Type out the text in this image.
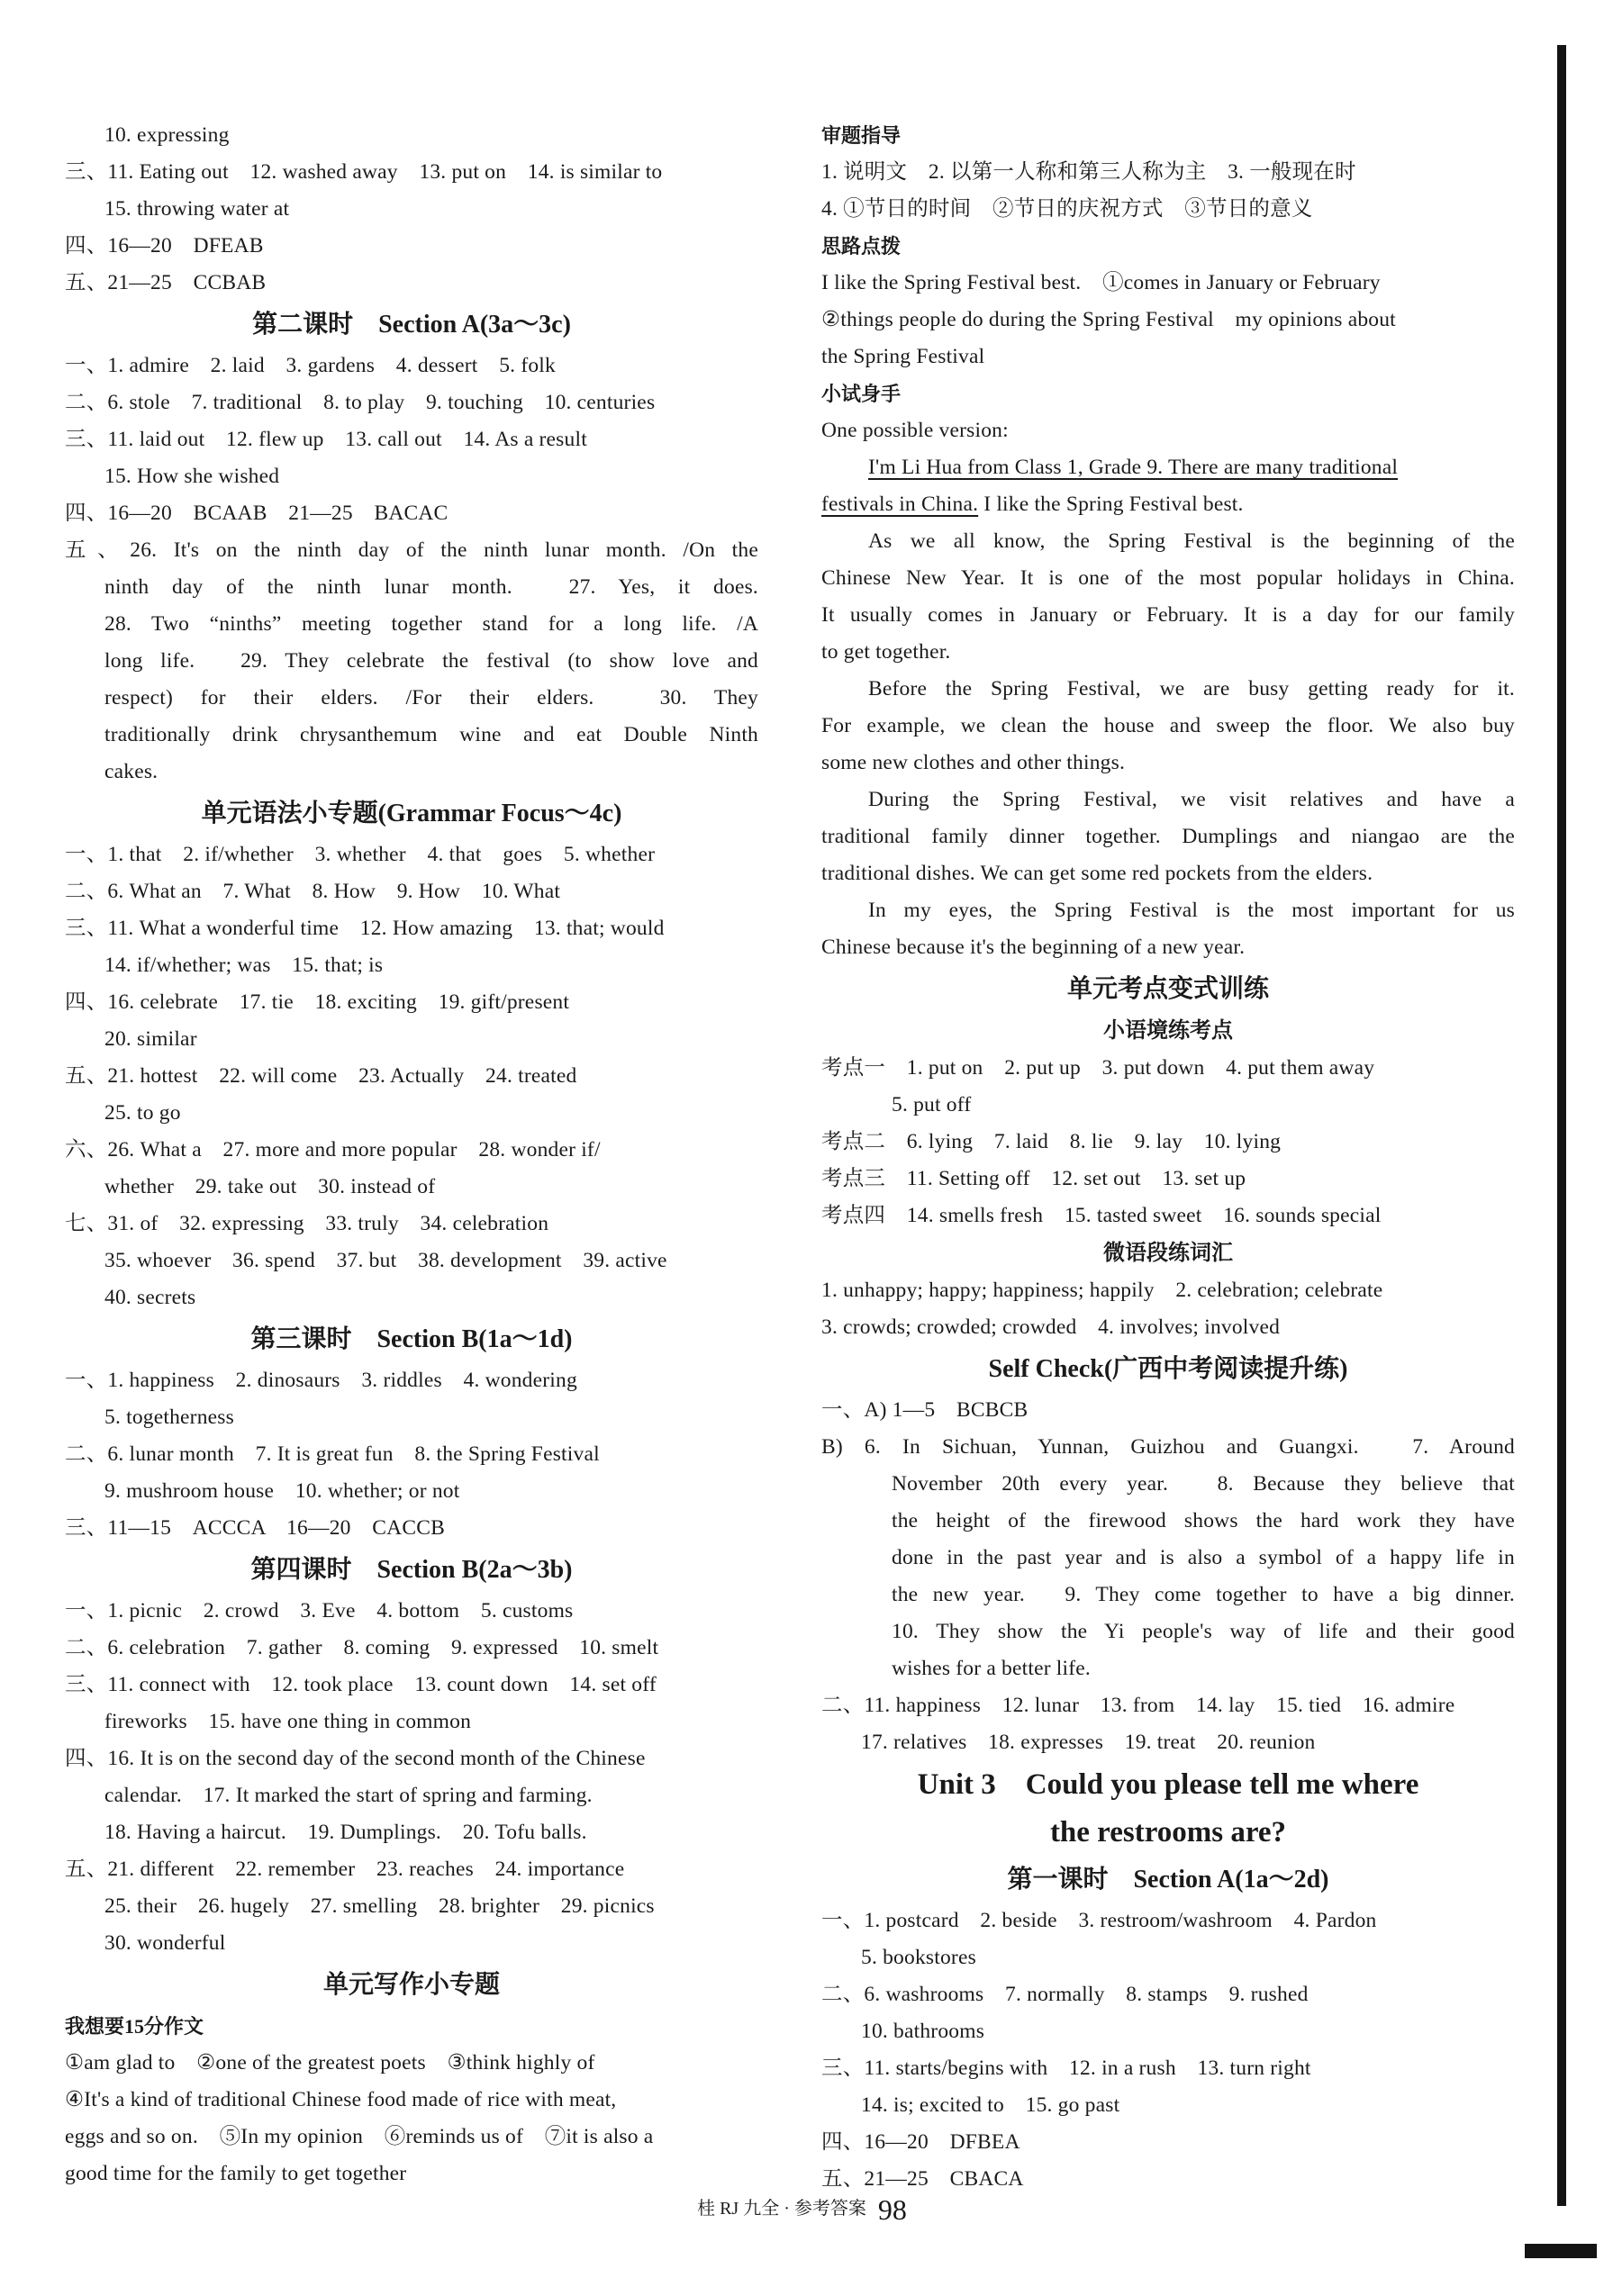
10. expressing
三、11. Eating out　12. washed away　13. put on　14. is similar to
15. throwing water at
四、16—20　DFEAB
五、21—25　CCBAB
第二课时　Section A(3a～3c)
一、1. admire　2. laid　3. gardens　4. dessert　5. folk
二、6. stole　7. traditional　8. to play　9. touching　10. centuries
三、11. laid out　12. flew up　13. call out　14. As a result
15. How she wished
四、16—20　BCAAB　21—25　BACAC
五、26. It's on the ninth day of the ninth lunar month. /On the
ninth day of the ninth lunar month.　27. Yes, it does.
28. Two “ninths” meeting together stand for a long life. /A
long life.　29. They celebrate the festival (to show love and
respect) for their elders. /For their elders.　30. They
traditionally drink chrysanthemum wine and eat Double Ninth
cakes.
单元语法小专题(Grammar Focus～4c)
一、1. that　2. if/whether　3. whether　4. that　goes　5. whether
二、6. What an　7. What　8. How　9. How　10. What
三、11. What a wonderful time　12. How amazing　13. that; would
14. if/whether; was　15. that; is
四、16. celebrate　17. tie　18. exciting　19. gift/present
20. similar
五、21. hottest　22. will come　23. Actually　24. treated
25. to go
六、26. What a　27. more and more popular　28. wonder if/
whether　29. take out　30. instead of
七、31. of　32. expressing　33. truly　34. celebration
35. whoever　36. spend　37. but　38. development　39. active
40. secrets
第三课时　Section B(1a～1d)
一、1. happiness　2. dinosaurs　3. riddles　4. wondering
5. togetherness
二、6. lunar month　7. It is great fun　8. the Spring Festival
9. mushroom house　10. whether; or not
三、11—15　ACCCA　16—20　CACCB
第四课时　Section B(2a～3b)
一、1. picnic　2. crowd　3. Eve　4. bottom　5. customs
二、6. celebration　7. gather　8. coming　9. expressed　10. smelt
三、11. connect with　12. took place　13. count down　14. set off
fireworks　15. have one thing in common
四、16. It is on the second day of the second month of the Chinese
calendar.　17. It marked the start of spring and farming.
18. Having a haircut.　19. Dumplings.　20. Tofu balls.
五、21. different　22. remember　23. reaches　24. importance
25. their　26. hugely　27. smelling　28. brighter　29. picnics
30. wonderful
单元写作小专题
我想要15分作文
①am glad to　②one of the greatest poets　③think highly of
④It's a kind of traditional Chinese food made of rice with meat,
eggs and so on.　⑤In my opinion　⑥reminds us of　⑦it is also a
good time for the family to get together
审题指导
1. 说明文　2. 以第一人称和第三人称为主　3. 一般现在时
4. ①节日的时间　②节日的庆祝方式　③节日的意义
思路点拨
I like the Spring Festival best.　①comes in January or February
②things people do during the Spring Festival　my opinions about
the Spring Festival
小试身手
One possible version:
I'm Li Hua from Class 1, Grade 9. There are many traditional
festivals in China. I like the Spring Festival best.
As we all know, the Spring Festival is the beginning of the
Chinese New Year. It is one of the most popular holidays in China.
It usually comes in January or February. It is a day for our family
to get together.
Before the Spring Festival, we are busy getting ready for it.
For example, we clean the house and sweep the floor. We also buy
some new clothes and other things.
During the Spring Festival, we visit relatives and have a
traditional family dinner together. Dumplings and niangao are the
traditional dishes. We can get some red pockets from the elders.
In my eyes, the Spring Festival is the most important for us
Chinese because it's the beginning of a new year.
单元考点变式训练
小语境练考点
考点一　1. put on　2. put up　3. put down　4. put them away
5. put off
考点二　6. lying　7. laid　8. lie　9. lay　10. lying
考点三　11. Setting off　12. set out　13. set up
考点四　14. smells fresh　15. tasted sweet　16. sounds special
微语段练词汇
1. unhappy; happy; happiness; happily　2. celebration; celebrate
3. crowds; crowded; crowded　4. involves; involved
Self Check(广西中考阅读提升练)
一、A) 1—5　BCBCB
B) 6. In Sichuan, Yunnan, Guizhou and Guangxi.　7. Around
November 20th every year.　8. Because they believe that
the height of the firewood shows the hard work they have
done in the past year and is also a symbol of a happy life in
the new year.　9. They come together to have a big dinner.
10. They show the Yi people's way of life and their good
wishes for a better life.
二、11. happiness　12. lunar　13. from　14. lay　15. tied　16. admire
17. relatives　18. expresses　19. treat　20. reunion
Unit 3　Could you please tell me where
the restrooms are?
第一课时　Section A(1a～2d)
一、1. postcard　2. beside　3. restroom/washroom　4. Pardon
5. bookstores
二、6. washrooms　7. normally　8. stamps　9. rushed
10. bathrooms
三、11. starts/begins with　12. in a rush　13. turn right
14. is; excited to　15. go past
四、16—20　DFBEA
五、21—25　CBACA
桂 RJ 九全 · 参考答案 98
